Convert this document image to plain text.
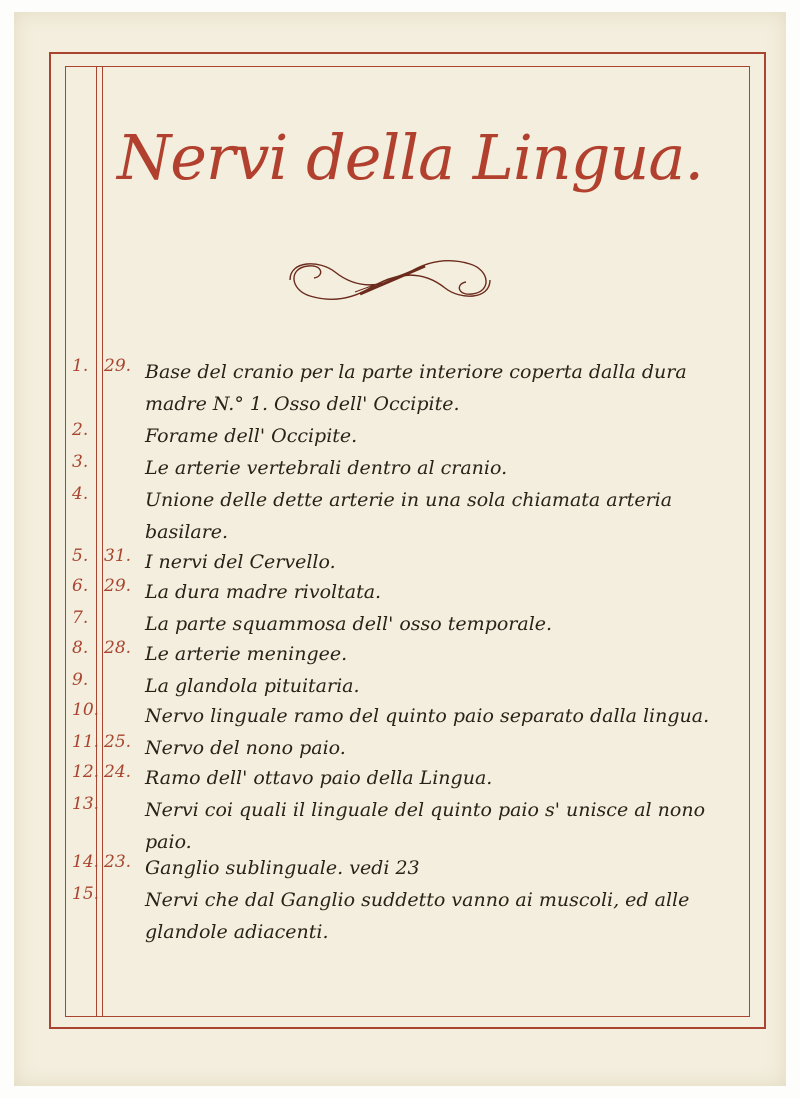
Nervi della Lingua.
1. 29. Base del cranio per la parte interiore coperta dalla dura madre N.° 1. Osso dell' Occipite.

2.	Forame dell' Occipite.

3.	Le arterie vertebrali dentro al cranio.

4.	Unione delle dette arterie in una sola chiamata arteria basilare.

5. 31. I nervi del Cervello.

6. 29. La dura madre rivoltata.

7.	La parte squammosa dell' osso temporale.

8. 28. Le arterie meningee.

9.	La glandola pituitaria.

10. Nervo linguale ramo del quinto paio separato dalla lingua.

11. 25. Nervo del nono paio.

12. 24. Ramo dell' ottavo paio della Lingua.

13. Nervi coi quali il linguale del quinto paio s' unisce al nono paio.

14. 23. Ganglio sublinguale. vedi 23

15. Nervi che dal Ganglio suddetto vanno ai muscoli, ed alle glandole adiacenti.
